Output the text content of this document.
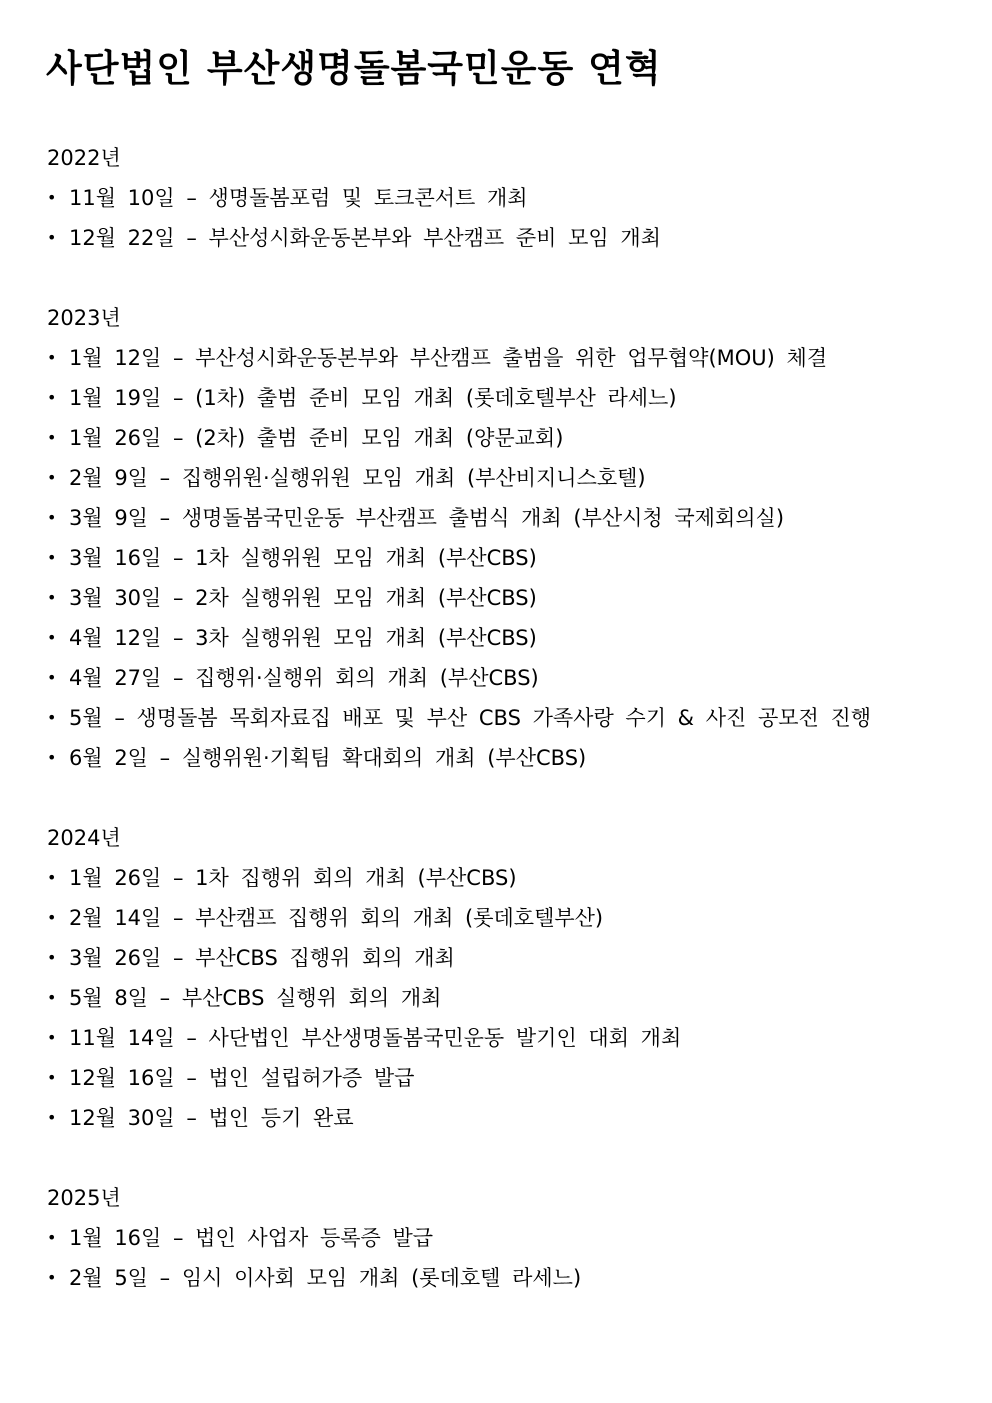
사단법인 부산생명돌봄국민운동 연혁
2022년
• 11월 10일 – 생명돌봄포럼 및 토크콘서트 개최
• 12월 22일 – 부산성시화운동본부와 부산캠프 준비 모임 개최
2023년
• 1월 12일 – 부산성시화운동본부와 부산캠프 출범을 위한 업무협약(MOU) 체결
• 1월 19일 – (1차) 출범 준비 모임 개최 (롯데호텔부산 라세느)
• 1월 26일 – (2차) 출범 준비 모임 개최 (양문교회)
• 2월 9일 – 집행위원·실행위원 모임 개최 (부산비지니스호텔)
• 3월 9일 – 생명돌봄국민운동 부산캠프 출범식 개최 (부산시청 국제회의실)
• 3월 16일 – 1차 실행위원 모임 개최 (부산CBS)
• 3월 30일 – 2차 실행위원 모임 개최 (부산CBS)
• 4월 12일 – 3차 실행위원 모임 개최 (부산CBS)
• 4월 27일 – 집행위·실행위 회의 개최 (부산CBS)
• 5월 – 생명돌봄 목회자료집 배포 및 부산 CBS 가족사랑 수기 & 사진 공모전 진행
• 6월 2일 – 실행위원·기획팀 확대회의 개최 (부산CBS)
2024년
• 1월 26일 – 1차 집행위 회의 개최 (부산CBS)
• 2월 14일 – 부산캠프 집행위 회의 개최 (롯데호텔부산)
• 3월 26일 – 부산CBS 집행위 회의 개최
• 5월 8일 – 부산CBS 실행위 회의 개최
• 11월 14일 – 사단법인 부산생명돌봄국민운동 발기인 대회 개최
• 12월 16일 – 법인 설립허가증 발급
• 12월 30일 – 법인 등기 완료
2025년
• 1월 16일 – 법인 사업자 등록증 발급
• 2월 5일 – 임시 이사회 모임 개최 (롯데호텔 라세느)
